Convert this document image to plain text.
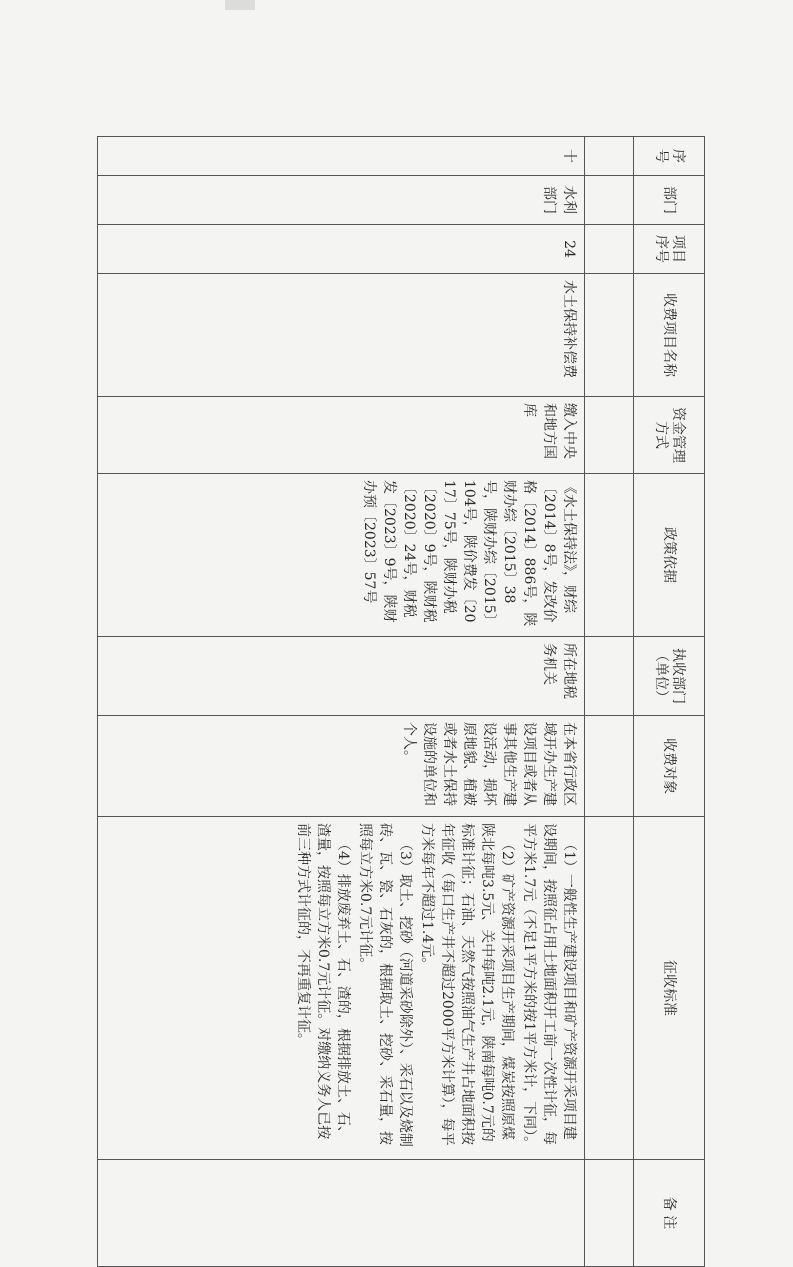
序号	部门	项目序号	收费项目名称	资金管理方式	政策依据	执收部门（单位）	收费对象	征收标准	备 注

十	水利部门	24	水土保持补偿费	缴入中央和地方国库	《水土保持法》，财综〔2014〕8号，发改价格〔2014〕886号，陕财办综〔2015〕38号，陕财办综〔2015〕104号，陕价费发〔2017〕75号，陕财办税〔2020〕9号，陕财税〔2020〕24号，财税发〔2023〕9号，陕财办预〔2023〕57号	所在地税务机关	在本省行政区域开办生产建设项目或者从事其他生产建设活动，损坏原地貌、植被或者水土保持设施的单位和个人。	（1）一般性生产建设项目和矿产资源开采项目建设期间，按照征占用土地面积开工前一次性计征，每平方米1.7元（不足1平方米的按1平方米计，下同）。

（2）矿产资源开采项目生产期间，煤炭按照原煤陕北每吨3.5元、关中每吨2.1元，陕南每吨0.7元的标准计征；石油、天然气按照油气生产井占地面积按年征收（每口生产井不超过2000平方米计算），每平方米每年不超过1.4元。

（3）取土、挖砂（河道采砂除外）、采石以及烧制砖、瓦、瓷、石灰的，根据取土、挖砂、采石量，按照每立方米0.7元计征。

（4）排放废弃土、石、渣的，根据排放土、石、渣量，按照每立方米0.7元计征。对缴纳义务人已按前三种方式计征的，不再重复计征。	
